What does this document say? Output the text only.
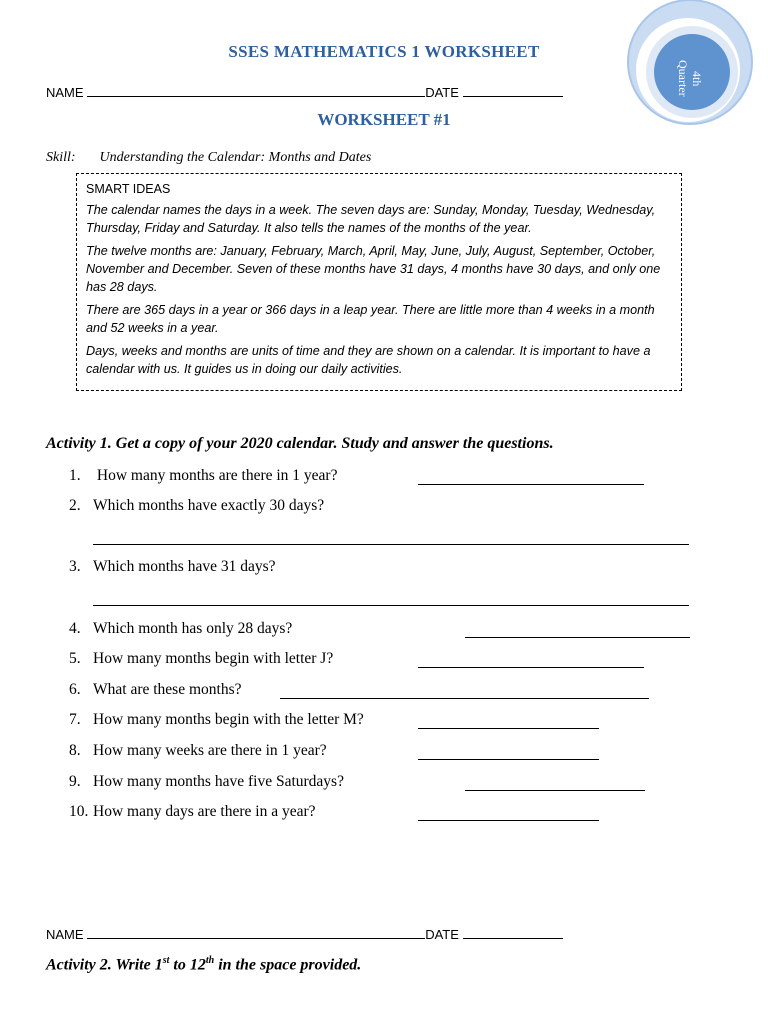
4th
Quarter
SSES MATHEMATICS 1 WORKSHEET
NAME	DATE
WORKSHEET #1
Skill: Understanding the Calendar: Months and Dates
SMART IDEAS

The calendar names the days in a week. The seven days are: Sunday, Monday, Tuesday, Wednesday, Thursday, Friday and Saturday. It also tells the names of the months of the year.

The twelve months are: January, February, March, April, May, June, July, August, September, October, November and December. Seven of these months have 31 days, 4 months have 30 days, and only one has 28 days.

There are 365 days in a year or 366 days in a leap year. There are little more than 4 weeks in a month and 52 weeks in a year.

Days, weeks and months are units of time and they are shown on a calendar. It is important to have a calendar with us. It guides us in doing our daily activities.

Activity 1. Get a copy of your 2020 calendar. Study and answer the questions.
1. How many months are there in 1 year?
2. Which months have exactly 30 days?
3. Which months have 31 days?
4. Which month has only 28 days?
5. How many months begin with letter J?
6. What are these months?
7. How many months begin with the letter M?
8. How many weeks are there in 1 year?
9. How many months have five Saturdays?
10. How many days are there in a year?
NAME	DATE
Activity 2. Write 1st to 12th in the space provided.
